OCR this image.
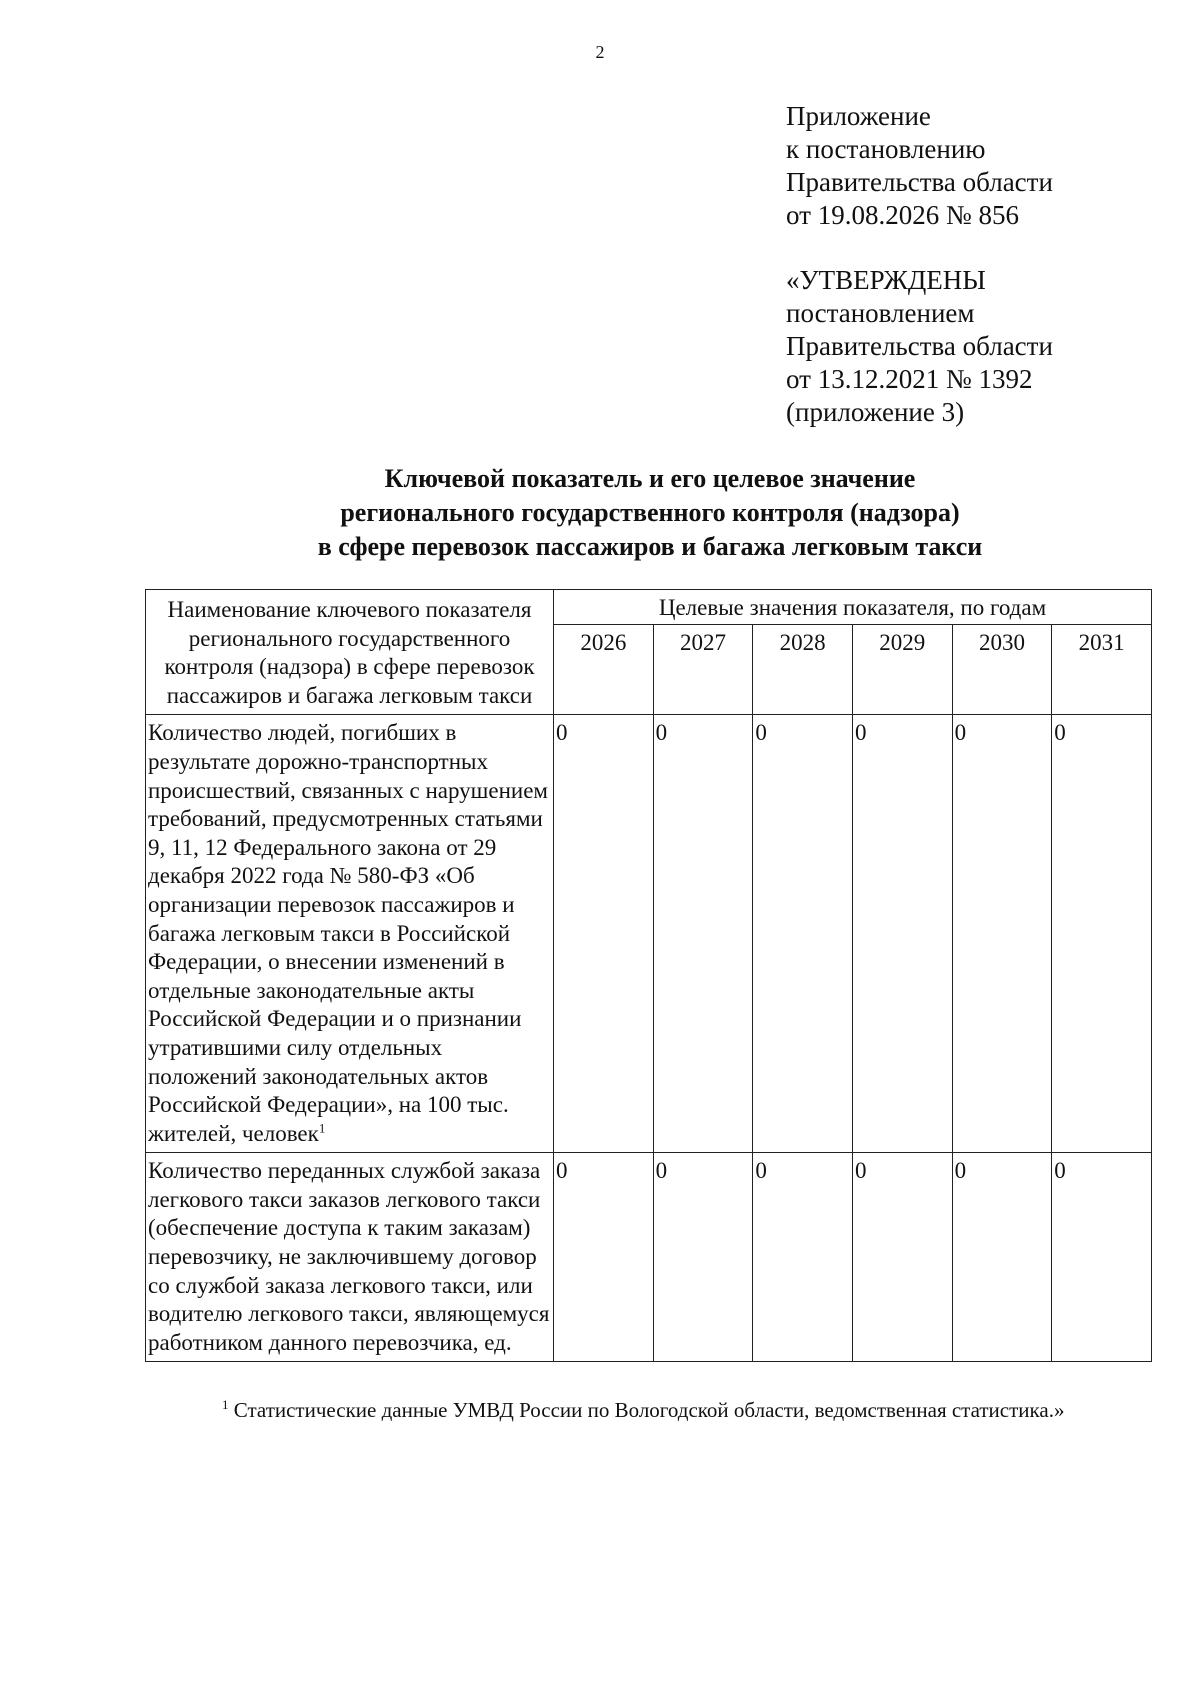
2
Приложение
к постановлению
Правительства области
от 19.08.2026 № 856
«УТВЕРЖДЕНЫ
постановлением
Правительства области
от 13.12.2021 № 1392
(приложение 3)
Ключевой показатель и его целевое значение
регионального государственного контроля (надзора)
в сфере перевозок пассажиров и багажа легковым такси
Наименование ключевого показателя регионального государственного контроля (надзора) в сфере перевозок пассажиров и багажа легковым такси	Целевые значения показателя, по годам					
	2026	2027	2028	2029	2030	2031
Количество людей, погибших в результате дорожно-транспортных происшествий, связанных с нарушением требований, предусмотренных статьями 9, 11, 12 Федерального закона от 29 декабря 2022 года № 580-ФЗ «Об организации перевозок пассажиров и багажа легковым такси в Российской Федерации, о внесении изменений в отдельные законодательные акты Российской Федерации и о признании утратившими силу отдельных положений законодательных актов Российской Федерации», на 100 тыс. жителей, человек$^1$	0	0	0	0	0	0
Количество переданных службой заказа легкового такси заказов легкового такси (обеспечение доступа к таким заказам) перевозчику, не заключившему договор со службой заказа легкового такси, или водителю легкового такси, являющемуся работником данного перевозчика, ед.	0	0	0	0	0	0
$^1$ Статистические данные УМВД России по Вологодской области, ведомственная статистика.»
